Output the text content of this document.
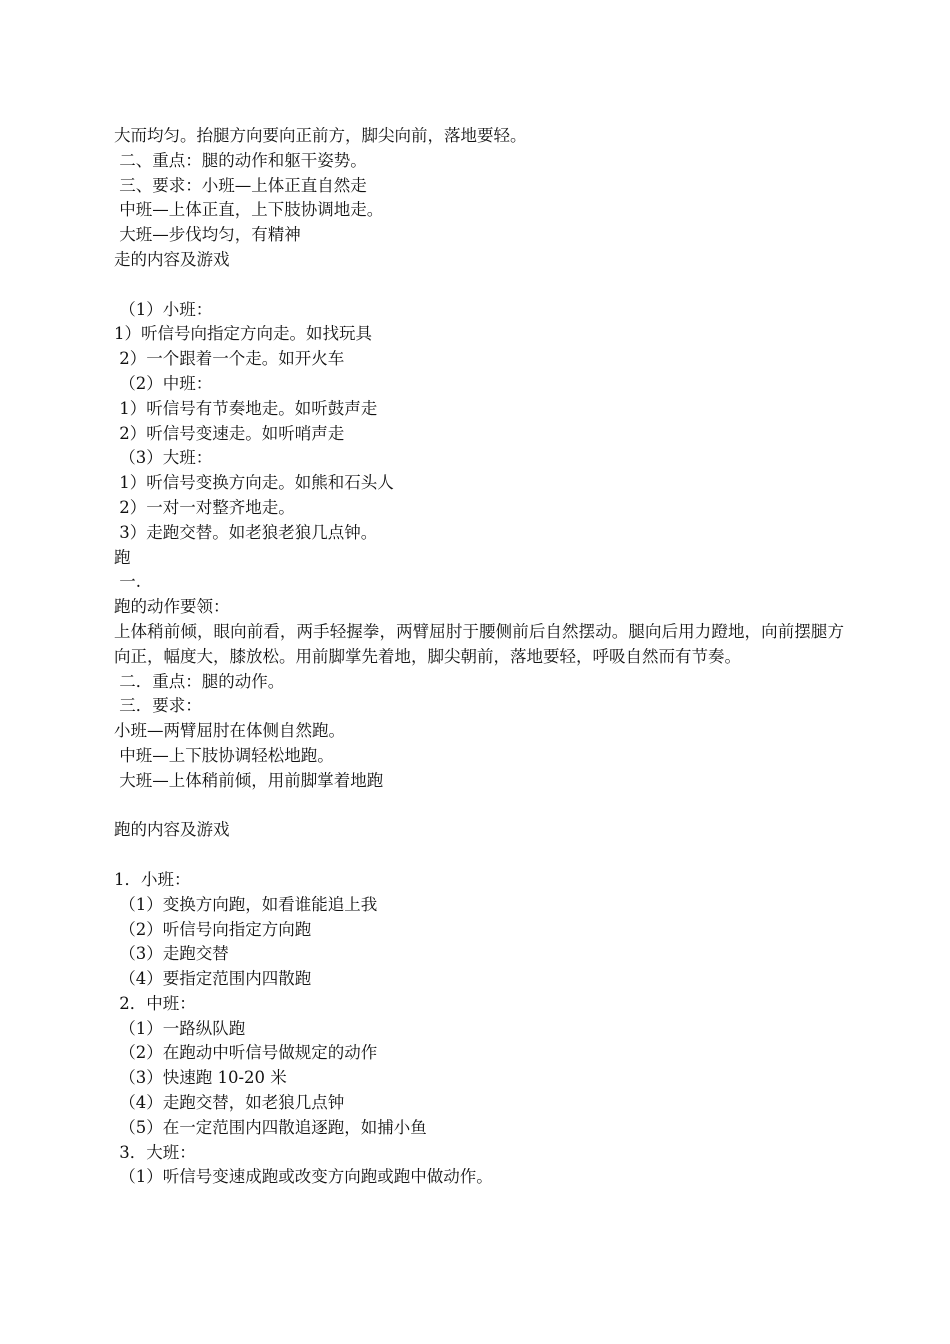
大而均匀。抬腿方向要向正前方，脚尖向前，落地要轻。
二、重点：腿的动作和躯干姿势。
三、要求：小班—上体正直自然走
中班—上体正直，上下肢协调地走。
大班—步伐均匀，有精神
走的内容及游戏
（1）小班：
1）听信号向指定方向走。如找玩具
2）一个跟着一个走。如开火车
（2）中班：
1）听信号有节奏地走。如听鼓声走
2）听信号变速走。如听哨声走
（3）大班：
1）听信号变换方向走。如熊和石头人
2）一对一对整齐地走。
3）走跑交替。如老狼老狼几点钟。
跑
一.
跑的动作要领：
上体稍前倾，眼向前看，两手轻握拳，两臂屈肘于腰侧前后自然摆动。腿向后用力蹬地，向前摆腿方向正，幅度大，膝放松。用前脚掌先着地，脚尖朝前，落地要轻，呼吸自然而有节奏。
二．重点：腿的动作。
三．要求：
小班—两臂屈肘在体侧自然跑。
中班—上下肢协调轻松地跑。
大班—上体稍前倾，用前脚掌着地跑
跑的内容及游戏
1．小班：
（1）变换方向跑，如看谁能追上我
（2）听信号向指定方向跑
（3）走跑交替
（4）要指定范围内四散跑
2．中班：
（1）一路纵队跑
（2）在跑动中听信号做规定的动作
（3）快速跑 10-20 米
（4）走跑交替，如老狼几点钟
（5）在一定范围内四散追逐跑，如捕小鱼
3．大班：
（1）听信号变速成跑或改变方向跑或跑中做动作。
